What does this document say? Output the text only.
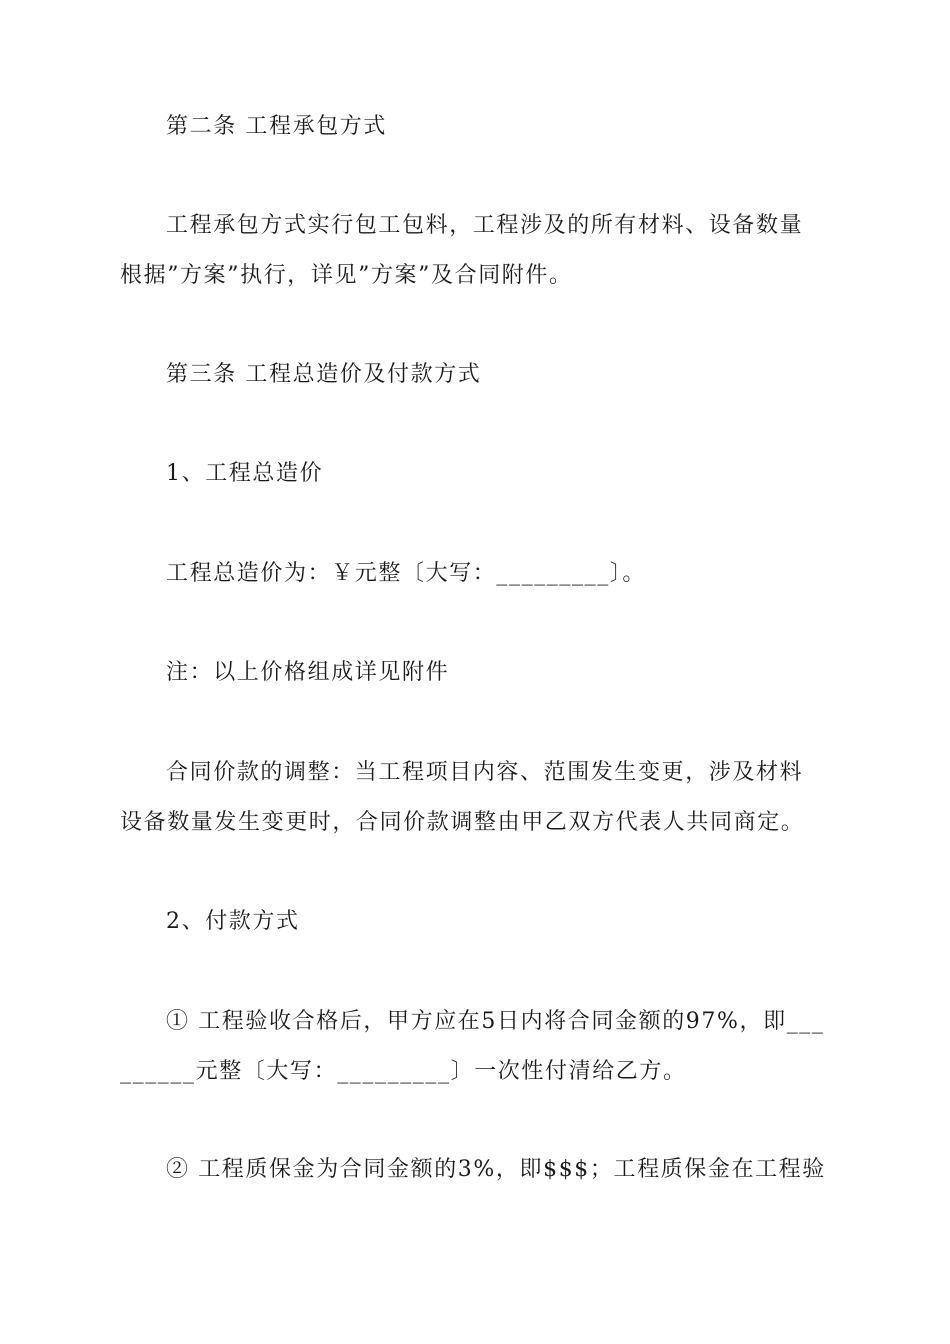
第二条 工程承包方式
工程承包方式实行包工包料，工程涉及的所有材料、设备数量
根据”方案”执行，详见”方案”及合同附件。
第三条 工程总造价及付款方式
1、工程总造价
工程总造价为：￥元整〔大写：_________〕。
注：以上价格组成详见附件
合同价款的调整：当工程项目内容、范围发生变更，涉及材料
设备数量发生变更时，合同价款调整由甲乙双方代表人共同商定。
2、付款方式
① 工程验收合格后，甲方应在5日内将合同金额的97%，即___
______元整〔大写：_________〕一次性付清给乙方。
② 工程质保金为合同金额的3%，即$$$；工程质保金在工程验
